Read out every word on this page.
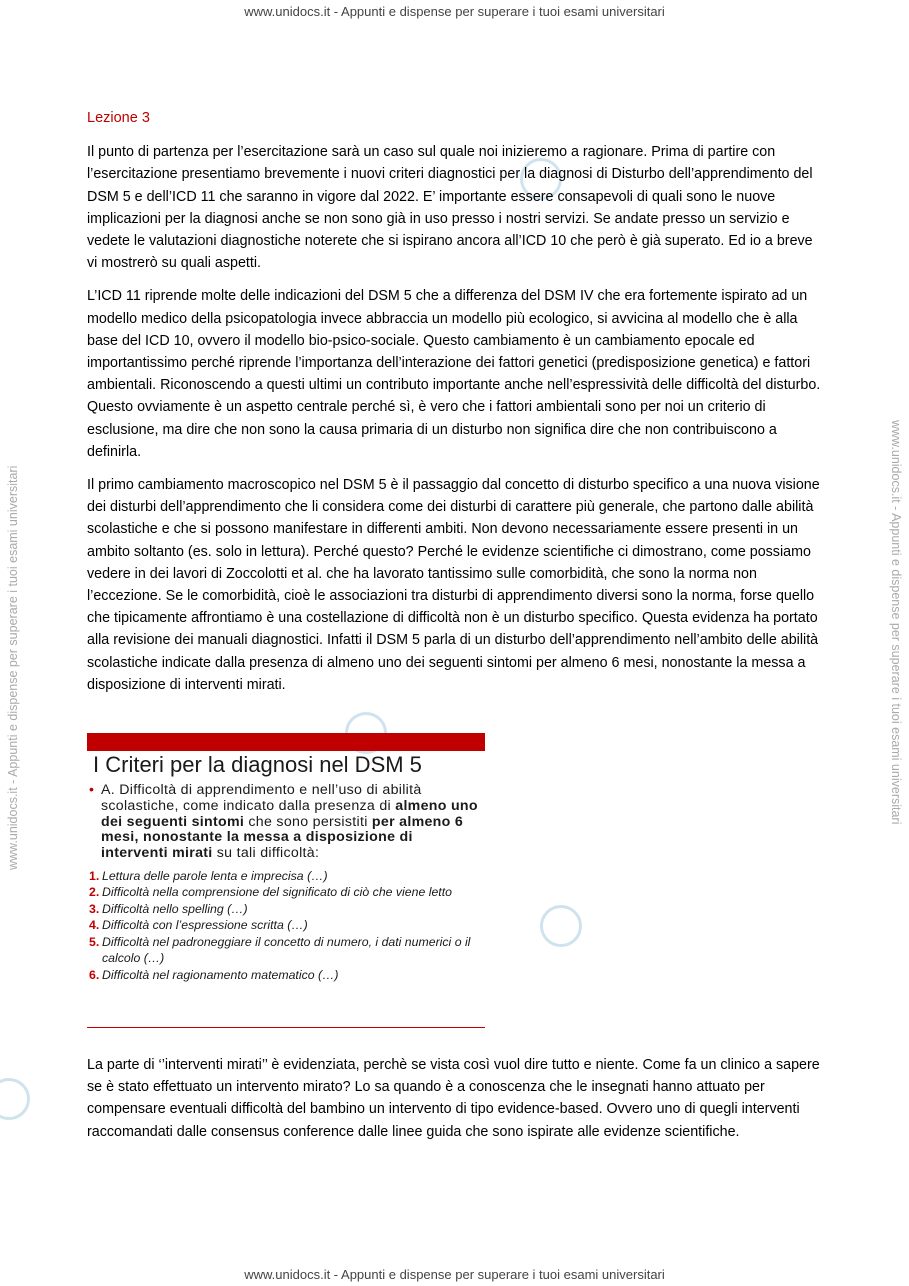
www.unidocs.it - Appunti e dispense per superare i tuoi esami universitari
www.unidocs.it - Appunti e dispense per superare i tuoi esami universitari	www.unidocs.it - Appunti e dispense per superare i tuoi esami universitari
Lezione 3

Il punto di partenza per l’esercitazione sarà un caso sul quale noi inizieremo a ragionare. Prima di partire con l’esercitazione presentiamo brevemente i nuovi criteri diagnostici per la diagnosi di Disturbo dell’apprendimento del DSM 5 e dell’ICD 11 che saranno in vigore dal 2022. E’ importante essere consapevoli di quali sono le nuove implicazioni per la diagnosi anche se non sono già in uso presso i nostri servizi. Se andate presso un servizio e vedete le valutazioni diagnostiche noterete che si ispirano ancora all’ICD 10 che però è già superato. Ed io a breve vi mostrerò su quali aspetti.

L’ICD 11 riprende molte delle indicazioni del DSM 5 che a differenza del DSM IV che era fortemente ispirato ad un modello medico della psicopatologia invece abbraccia un modello più ecologico, si avvicina al modello che è alla base del ICD 10, ovvero il modello bio-psico-sociale. Questo cambiamento è un cambiamento epocale ed importantissimo perché riprende l’importanza dell’interazione dei fattori genetici (predisposizione genetica) e fattori ambientali. Riconoscendo a questi ultimi un contributo importante anche nell’espressività delle difficoltà del disturbo. Questo ovviamente è un aspetto centrale perché sì, è vero che i fattori ambientali sono per noi un criterio di esclusione, ma dire che non sono la causa primaria di un disturbo non significa dire che non contribuiscono a definirla.

Il primo cambiamento macroscopico nel DSM 5 è il passaggio dal concetto di disturbo specifico a una nuova visione dei disturbi dell’apprendimento che li considera come dei disturbi di carattere più generale, che partono dalle abilità scolastiche e che si possono manifestare in differenti ambiti. Non devono necessariamente essere presenti in un ambito soltanto (es. solo in lettura). Perché questo? Perché le evidenze scientifiche ci dimostrano, come possiamo vedere in dei lavori di Zoccolotti et al. che ha lavorato tantissimo sulle comorbidità, che sono la norma non l’eccezione. Se le comorbidità, cioè le associazioni tra disturbi di apprendimento diversi sono la norma, forse quello che tipicamente affrontiamo è una costellazione di difficoltà non è un disturbo specifico. Questa evidenza ha portato alla revisione dei manuali diagnostici. Infatti il DSM 5 parla di un disturbo dell’apprendimento nell’ambito delle abilità scolastiche indicate dalla presenza di almeno uno dei seguenti sintomi per almeno 6 mesi, nonostante la messa a disposizione di interventi mirati.

I Criteri per la diagnosi nel DSM 5
• A. Difficoltà di apprendimento e nell’uso di abilità scolastiche, come indicato dalla presenza di almeno uno dei seguenti sintomi che sono persistiti per almeno 6 mesi, nonostante la messa a disposizione di interventi mirati su tali difficoltà:
1. Lettura delle parole lenta e imprecisa (…)
2. Difficoltà nella comprensione del significato di ciò che viene letto
3. Difficoltà nello spelling (…)
4. Difficoltà con l’espressione scritta (…)
5. Difficoltà nel padroneggiare il concetto di numero, i dati numerici o il calcolo (…)
6. Difficoltà nel ragionamento matematico (…)

La parte di ‘’interventi mirati’’ è evidenziata, perchè se vista così vuol dire tutto e niente. Come fa un clinico a sapere se è stato effettuato un intervento mirato? Lo sa quando è a conoscenza che le insegnati hanno attuato per compensare eventuali difficoltà del bambino un intervento di tipo evidence-based. Ovvero uno di quegli interventi raccomandati dalle consensus conference dalle linee guida che sono ispirate alle evidenze scientifiche.

www.unidocs.it - Appunti e dispense per superare i tuoi esami universitari
